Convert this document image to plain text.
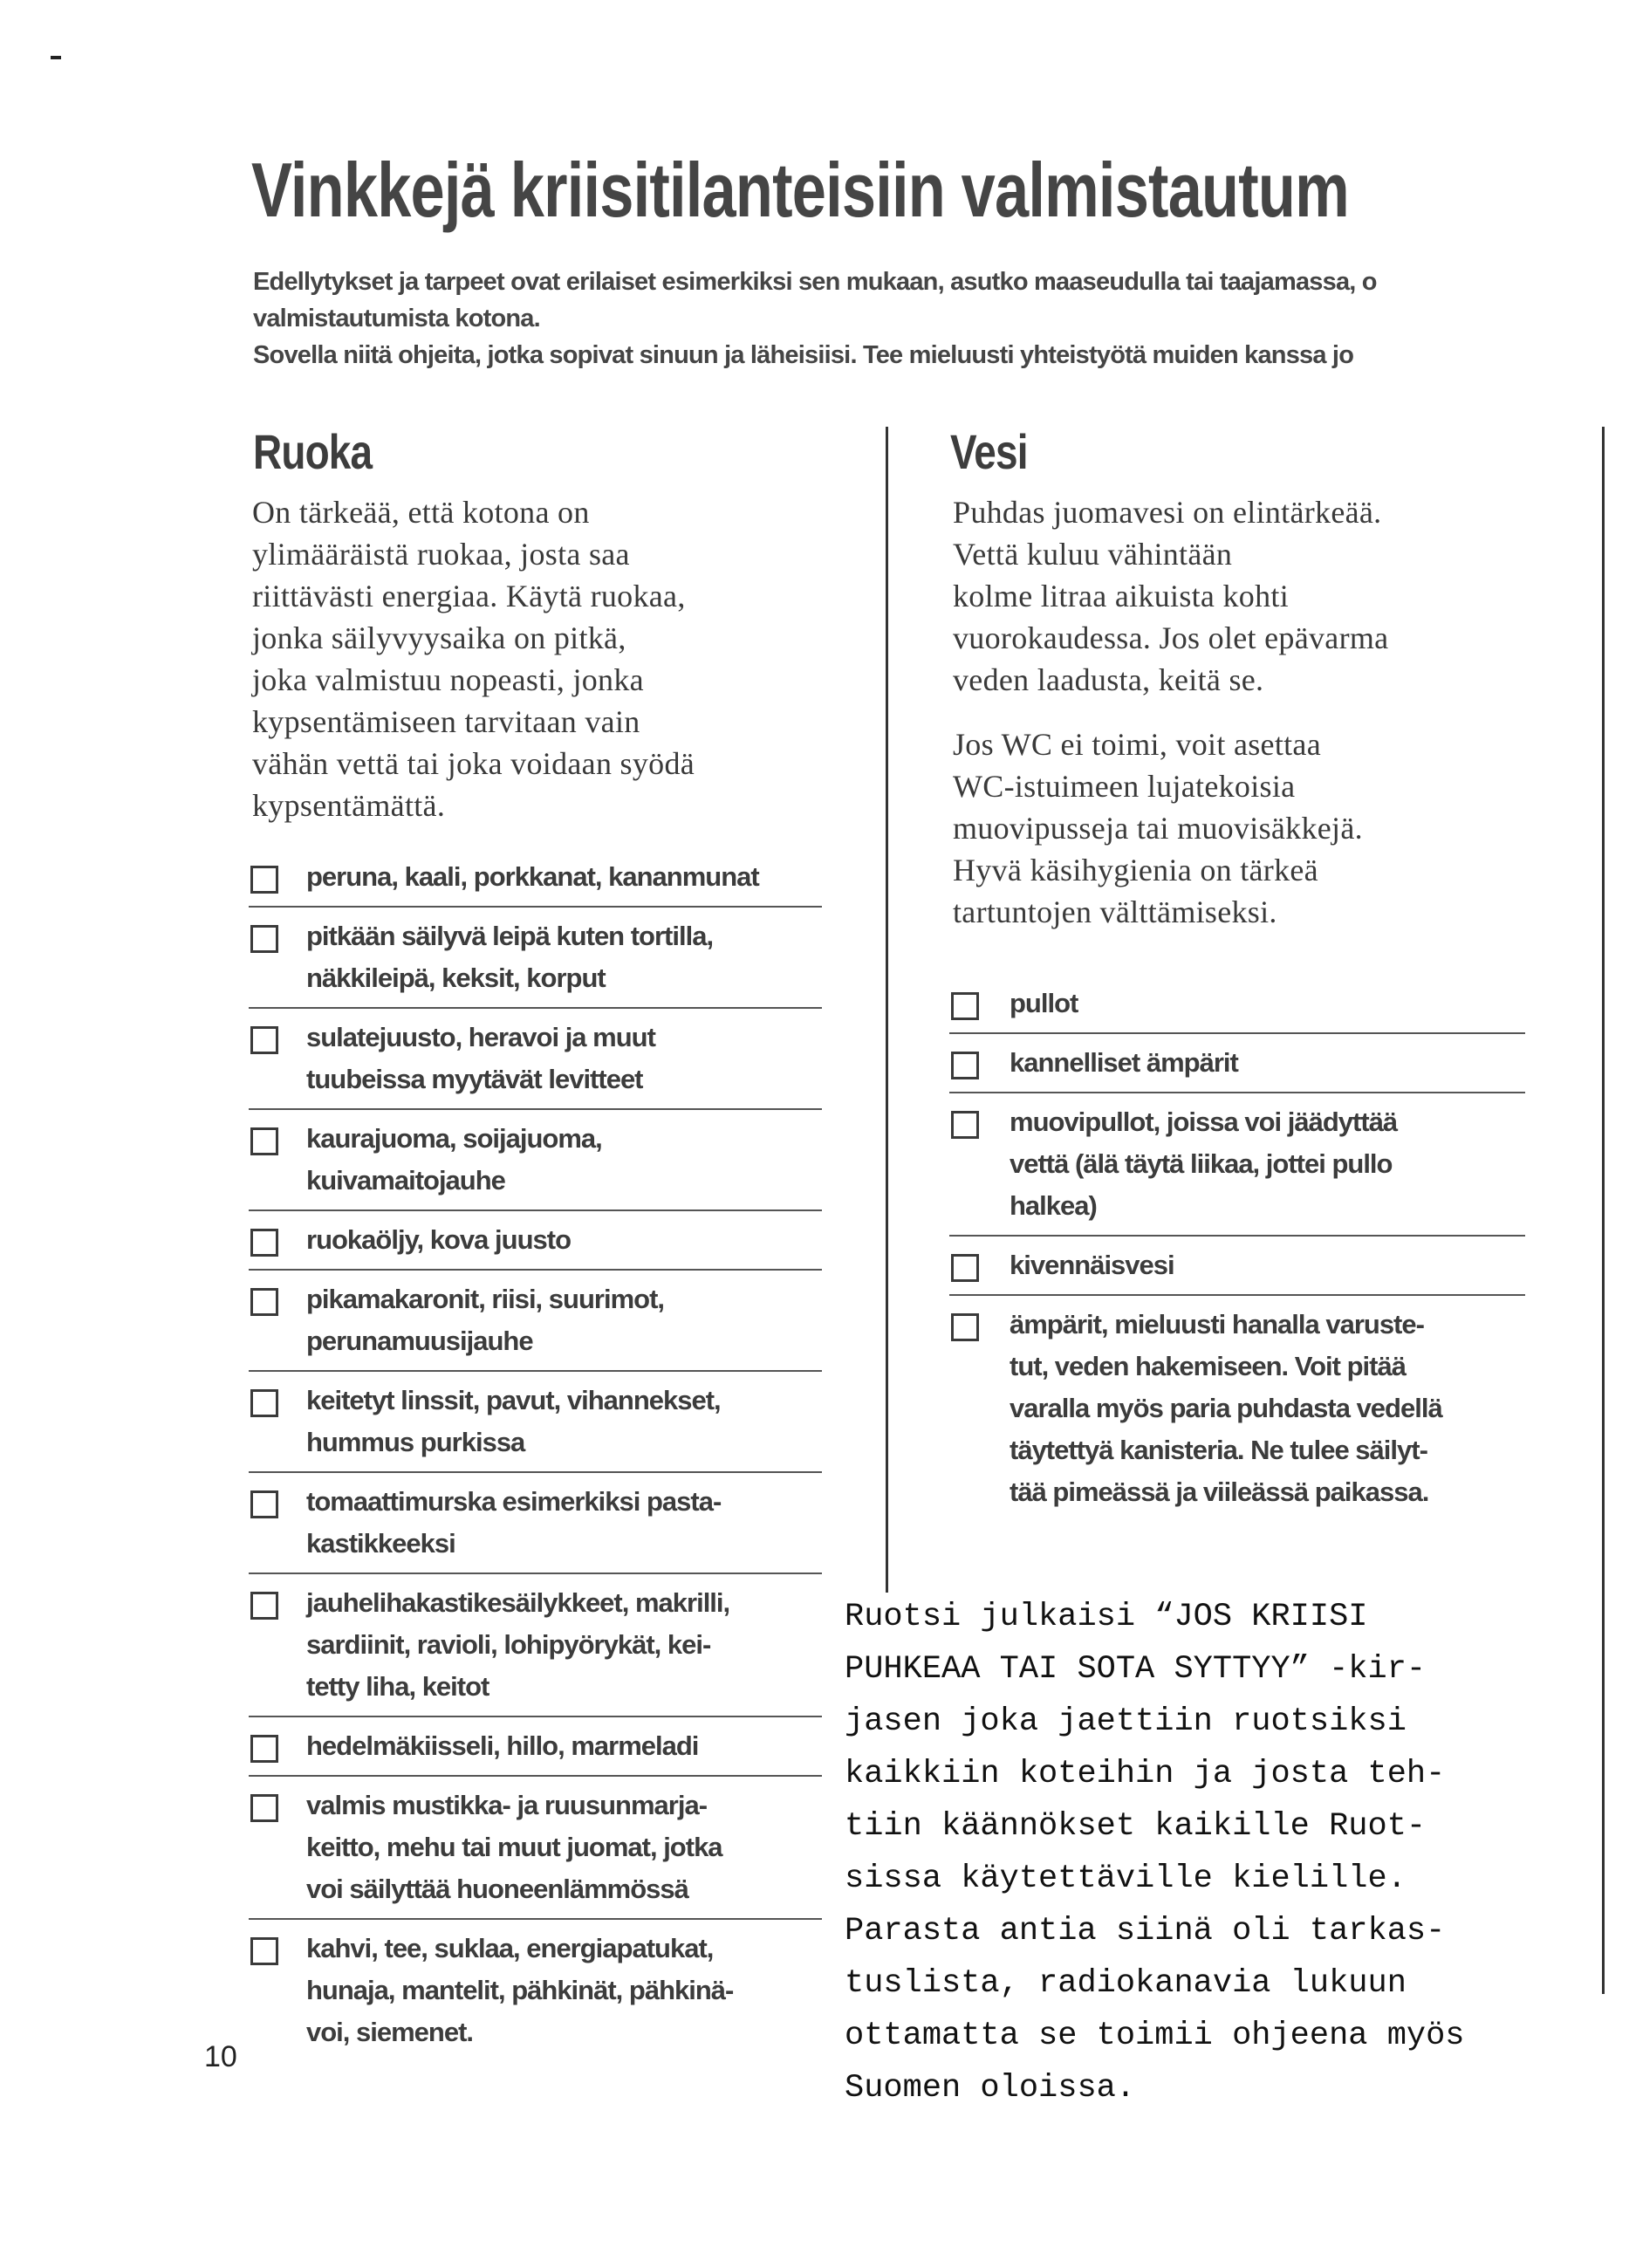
Vinkkejä kriisitilanteisiin valmistautum
Edellytykset ja tarpeet ovat erilaiset esimerkiksi sen mukaan, asutko maaseudulla tai taajamassa, o
valmistautumista kotona.
Sovella niitä ohjeita, jotka sopivat sinuun ja läheisiisi. Tee mieluusti yhteistyötä muiden kanssa jo
Ruoka
On tärkeää, että kotona on
ylimääräistä ruokaa, josta saa
riittävästi energiaa. Käytä ruokaa,
jonka säilyvyysaika on pitkä,
joka valmistuu nopeasti, jonka
kypsentämiseen tarvitaan vain
vähän vettä tai joka voidaan syödä
kypsentämättä.
peruna, kaali, porkkanat, kananmunat
pitkään säilyvä leipä kuten tortilla,
näkkileipä, keksit, korput
sulatejuusto, heravoi ja muut
tuubeissa myytävät levitteet
kaurajuoma, soijajuoma,
kuivamaitojauhe
ruokaöljy, kova juusto
pikamakaronit, riisi, suurimot,
perunamuusijauhe
keitetyt linssit, pavut, vihannekset,
hummus purkissa
tomaattimurska esimerkiksi pasta-
kastikkeeksi
jauhelihakastikesäilykkeet, makrilli,
sardiinit, ravioli, lohipyörykät, kei-
tetty liha, keitot
hedelmäkiisseli, hillo, marmeladi
valmis mustikka- ja ruusunmarja-
keitto, mehu tai muut juomat, jotka
voi säilyttää huoneenlämmössä
kahvi, tee, suklaa, energiapatukat,
hunaja, mantelit, pähkinät, pähkinä-
voi, siemenet.
Vesi

Puhdas juomavesi on elintärkeää.
Vettä kuluu vähintään
kolme litraa aikuista kohti
vuorokaudessa. Jos olet epävarma
veden laadusta, keitä se.

Jos WC ei toimi, voit asettaa
WC-istuimeen lujatekoisia
muovipusseja tai muovisäkkejä.
Hyvä käsihygienia on tärkeä
tartuntojen välttämiseksi.

pullot
kannelliset ämpärit
muovipullot, joissa voi jäädyttää
vettä (älä täytä liikaa, jottei pullo
halkea)
kivennäisvesi
ämpärit, mieluusti hanalla varuste-
tut, veden hakemiseen. Voit pitää
varalla myös paria puhdasta vedellä
täytettyä kanisteria. Ne tulee säilyt-
tää pimeässä ja viileässä paikassa.
10
Ruotsi julkaisi “JOS KRIISI
PUHKEAA TAI SOTA SYTTYY” -kir-
jasen joka jaettiin ruotsiksi
kaikkiin koteihin ja josta teh-
tiin käännökset kaikille Ruot-
sissa käytettäville kielille.
Parasta antia siinä oli tarkas-
tuslista, radiokanavia lukuun
ottamatta se toimii ohjeena myös
Suomen oloissa.
